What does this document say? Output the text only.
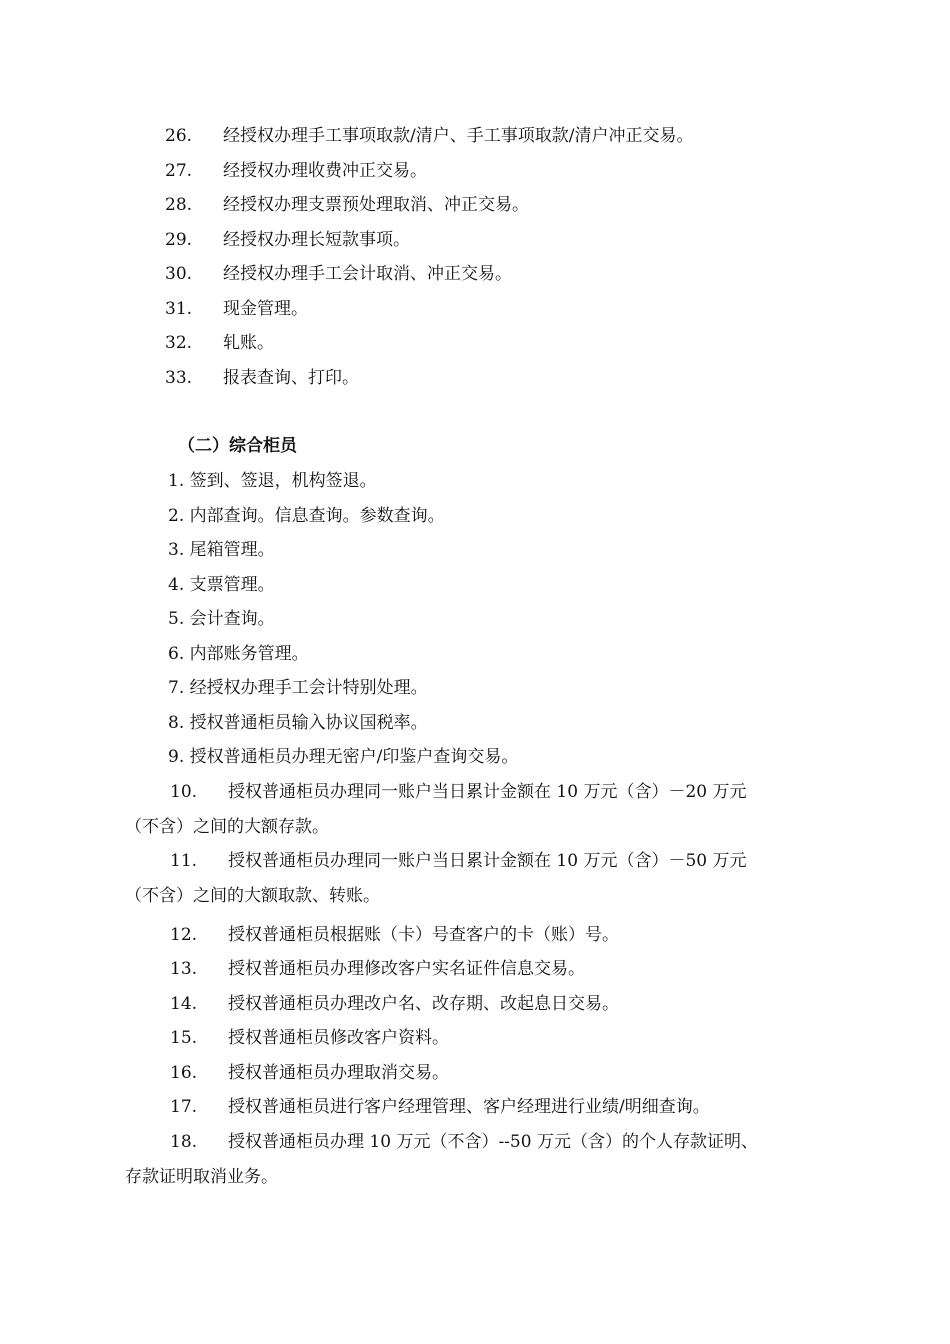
26. 经授权办理手工事项取款/清户、手工事项取款/清户冲正交易。
27. 经授权办理收费冲正交易。
28. 经授权办理支票预处理取消、冲正交易。
29. 经授权办理长短款事项。
30. 经授权办理手工会计取消、冲正交易。
31. 现金管理。
32. 轧账。
33. 报表查询、打印。
（二）综合柜员
1. 签到、签退，机构签退。
2. 内部查询。信息查询。参数查询。
3. 尾箱管理。
4. 支票管理。
5. 会计查询。
6. 内部账务管理。
7. 经授权办理手工会计特别处理。
8. 授权普通柜员输入协议国税率。
9. 授权普通柜员办理无密户/印鉴户查询交易。
10. 授权普通柜员办理同一账户当日累计金额在 10 万元（含）－20 万元
（不含）之间的大额存款。
11. 授权普通柜员办理同一账户当日累计金额在 10 万元（含）－50 万元
（不含）之间的大额取款、转账。
12. 授权普通柜员根据账（卡）号查客户的卡（账）号。
13. 授权普通柜员办理修改客户实名证件信息交易。
14. 授权普通柜员办理改户名、改存期、改起息日交易。
15. 授权普通柜员修改客户资料。
16. 授权普通柜员办理取消交易。
17. 授权普通柜员进行客户经理管理、客户经理进行业绩/明细查询。
18. 授权普通柜员办理 10 万元（不含）--50 万元（含）的个人存款证明、
存款证明取消业务。
